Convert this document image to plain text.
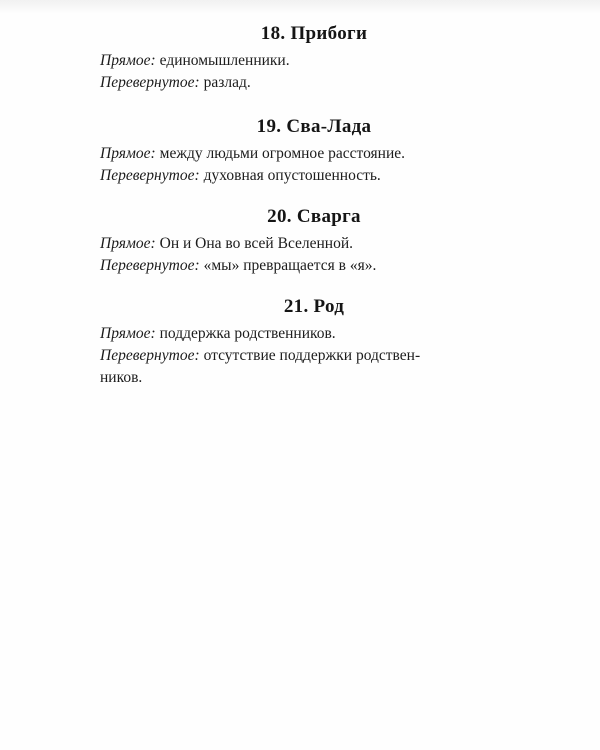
18. Прибоги

Прямое: единомышленники.

Перевернутое: разлад.

19. Сва-Лада

Прямое: между людьми огромное расстояние.

Перевернутое: духовная опустошенность.

20. Сварга

Прямое: Он и Она во всей Вселенной.

Перевернутое: «мы» превращается в «я».

21. Род

Прямое: поддержка родственников.

Перевернутое: отсутствие поддержки родствен-

ников.
